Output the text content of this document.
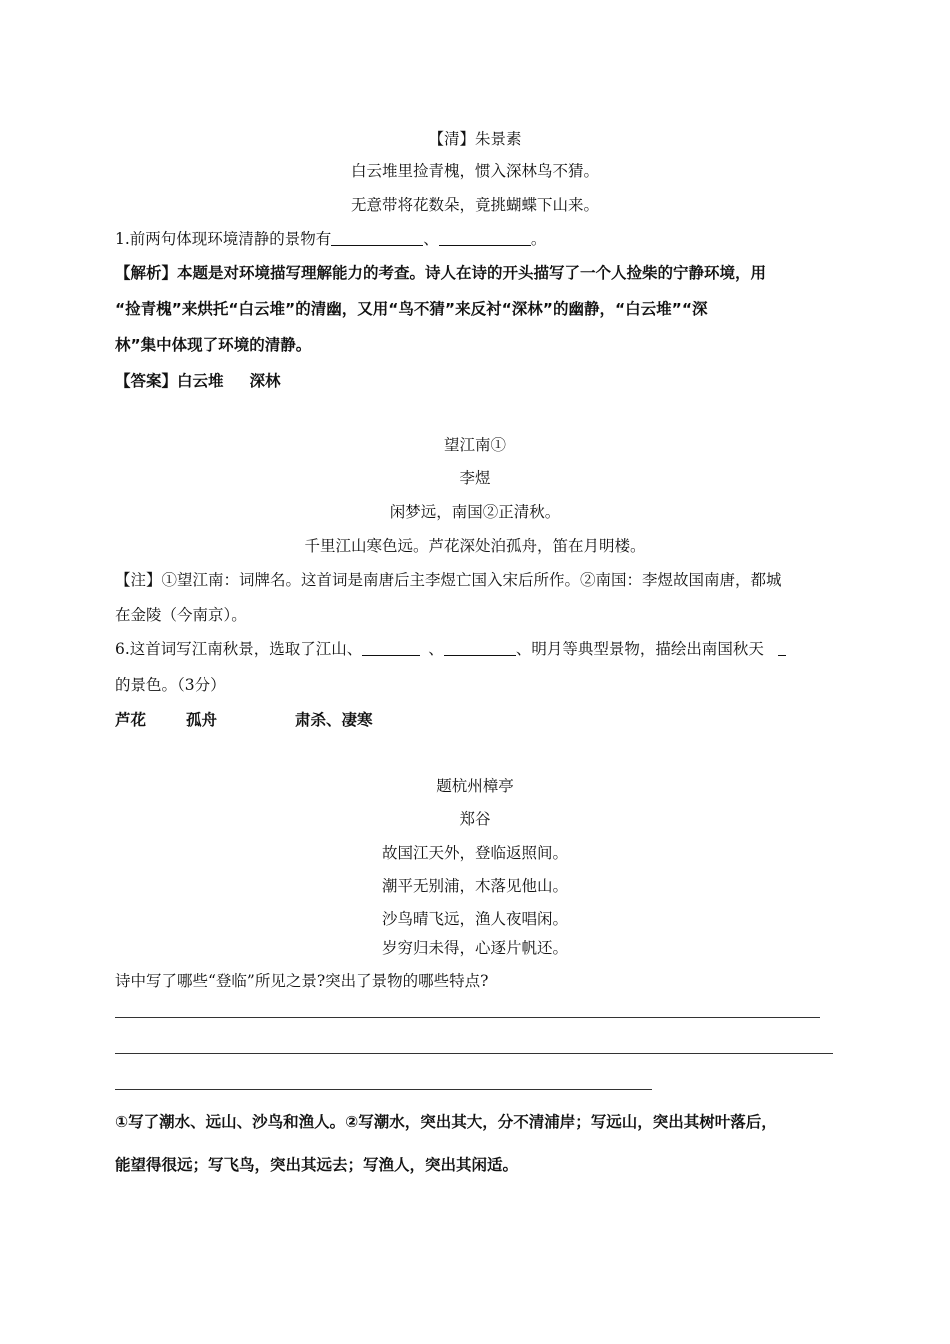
【清】朱景素
白云堆里捡青槐，惯入深林鸟不猜。
无意带将花数朵，竟挑蝴蝶下山来。
1.前两句体现环境清静的景物有	、	。
【解析】本题是对环境描写理解能力的考查。诗人在诗的开头描写了一个人捡柴的宁静环境，用
“捡青槐”来烘托“白云堆”的清幽，又用“鸟不猜”来反衬“深林”的幽静，“白云堆”“深
林”集中体现了环境的清静。
【答案】白云堆 深林
望江南①
李煜
闲梦远，南国②正清秋。
千里江山寒色远。芦花深处泊孤舟，笛在月明楼。
【注】①望江南：词牌名。这首词是南唐后主李煜亡国入宋后所作。②南国：李煜故国南唐，都城
在金陵（今南京）。
6.这首词写江南秋景，选取了江山、	、	、明月等典型景物，描绘出南国秋天
的景色。（3分）
芦花	孤舟	肃杀、凄寒
题杭州樟亭
郑谷
故国江天外，登临返照间。
潮平无别浦，木落见他山。
沙鸟晴飞远，渔人夜唱闲。
岁穷归未得，心逐片帆还。
诗中写了哪些“登临”所见之景?突出了景物的哪些特点?
①写了潮水、远山、沙鸟和渔人。②写潮水，突出其大，分不清浦岸；写远山，突出其树叶落后，
能望得很远；写飞鸟，突出其远去；写渔人，突出其闲适。
